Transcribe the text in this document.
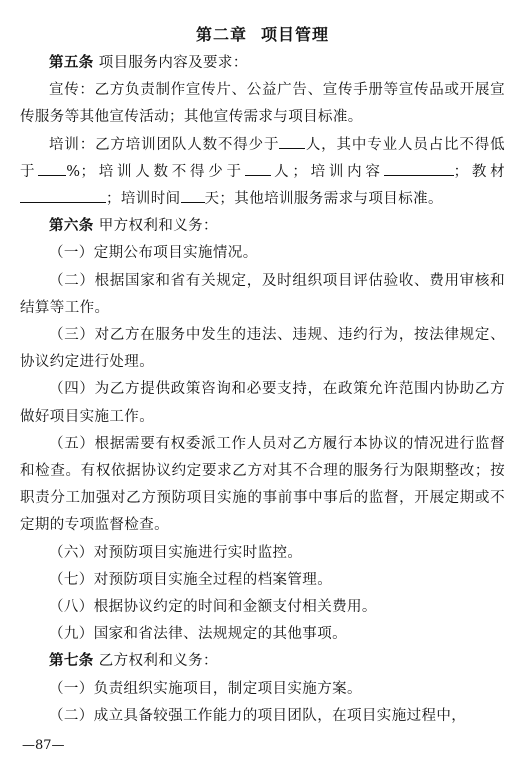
第二章 项目管理

第五条 项目服务内容及要求：

宣传：乙方负责制作宣传片、公益广告、宣传手册等宣传品或开展宣传服务等其他宣传活动；其他宣传需求与项目标准。

培训：乙方培训团队人数不得少于 人，其中专业人员占比不得低于 %；培训人数不得少于 人；培训内容	；教材；培训时间 天；其他培训服务需求与项目标准。

第六条 甲方权利和义务：

（一）定期公布项目实施情况。

（二）根据国家和省有关规定，及时组织项目评估验收、费用审核和结算等工作。

（三）对乙方在服务中发生的违法、违规、违约行为，按法律规定、协议约定进行处理。

（四）为乙方提供政策咨询和必要支持，在政策允许范围内协助乙方做好项目实施工作。

（五）根据需要有权委派工作人员对乙方履行本协议的情况进行监督和检查。有权依据协议约定要求乙方对其不合理的服务行为限期整改；按职责分工加强对乙方预防项目实施的事前事中事后的监督，开展定期或不定期的专项监督检查。

（六）对预防项目实施进行实时监控。

（七）对预防项目实施全过程的档案管理。

（八）根据协议约定的时间和金额支付相关费用。

（九）国家和省法律、法规规定的其他事项。

第七条 乙方权利和义务：

（一）负责组织实施项目，制定项目实施方案。

（二）成立具备较强工作能力的项目团队，在项目实施过程中，

—87—
